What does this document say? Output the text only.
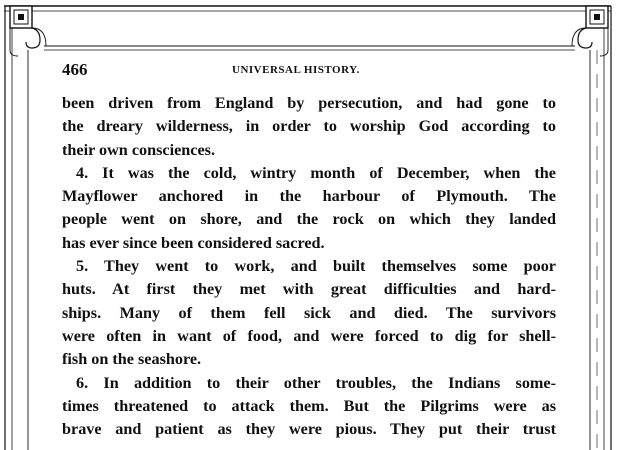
466	UNIVERSAL HISTORY.
been driven from England by persecution, and had gone to
the dreary wilderness, in order to worship God according to
their own consciences.
4. It was the cold, wintry month of December, when the
Mayflower anchored in the harbour of Plymouth. The
people went on shore, and the rock on which they landed
has ever since been considered sacred.
5. They went to work, and built themselves some poor
huts. At first they met with great difficulties and hard-
ships. Many of them fell sick and died. The survivors
were often in want of food, and were forced to dig for shell-
fish on the seashore.
6. In addition to their other troubles, the Indians some-
times threatened to attack them. But the Pilgrims were as
brave and patient as they were pious. They put their trust
